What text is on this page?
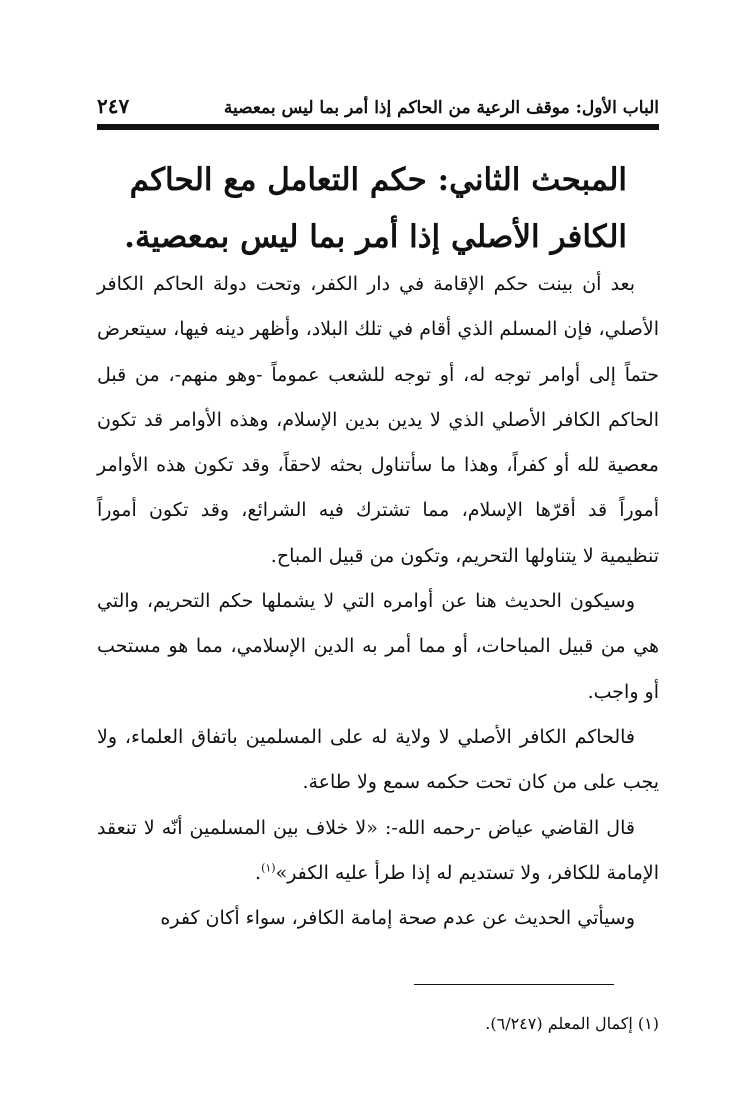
الباب الأول: موقف الرعية من الحاكم إذا أمر بما ليس بمعصية
٢٤٧
المبحث الثاني: حكم التعامل مع الحاكم الكافر الأصلي إذا أمر بما ليس بمعصية.

بعد أن بينت حكم الإقامة في دار الكفر، وتحت دولة الحاكم الكافر الأصلي، فإن المسلم الذي أقام في تلك البلاد، وأظهر دينه فيها، سيتعرض حتماً إلى أوامر توجه له، أو توجه للشعب عموماً -وهو منهم-، من قبل الحاكم الكافر الأصلي الذي لا يدين بدين الإسلام، وهذه الأوامر قد تكون معصية لله أو كفراً، وهذا ما سأتناول بحثه لاحقاً، وقد تكون هذه الأوامر أموراً قد أقرّها الإسلام، مما تشترك فيه الشرائع، وقد تكون أموراً تنظيمية لا يتناولها التحريم، وتكون من قبيل المباح.

وسيكون الحديث هنا عن أوامره التي لا يشملها حكم التحريم، والتي هي من قبيل المباحات، أو مما أمر به الدين الإسلامي، مما هو مستحب أو واجب.

فالحاكم الكافر الأصلي لا ولاية له على المسلمين باتفاق العلماء، ولا يجب على من كان تحت حكمه سمع ولا طاعة.

قال القاضي عياض -رحمه الله-: «لا خلاف بين المسلمين أنّه لا تنعقد الإمامة للكافر، ولا تستديم له إذا طرأ عليه الكفر»$^{(١)}$.

وسيأتي الحديث عن عدم صحة إمامة الكافر، سواء أكان كفره

(١) إكمال المعلم (٦/٢٤٧).
